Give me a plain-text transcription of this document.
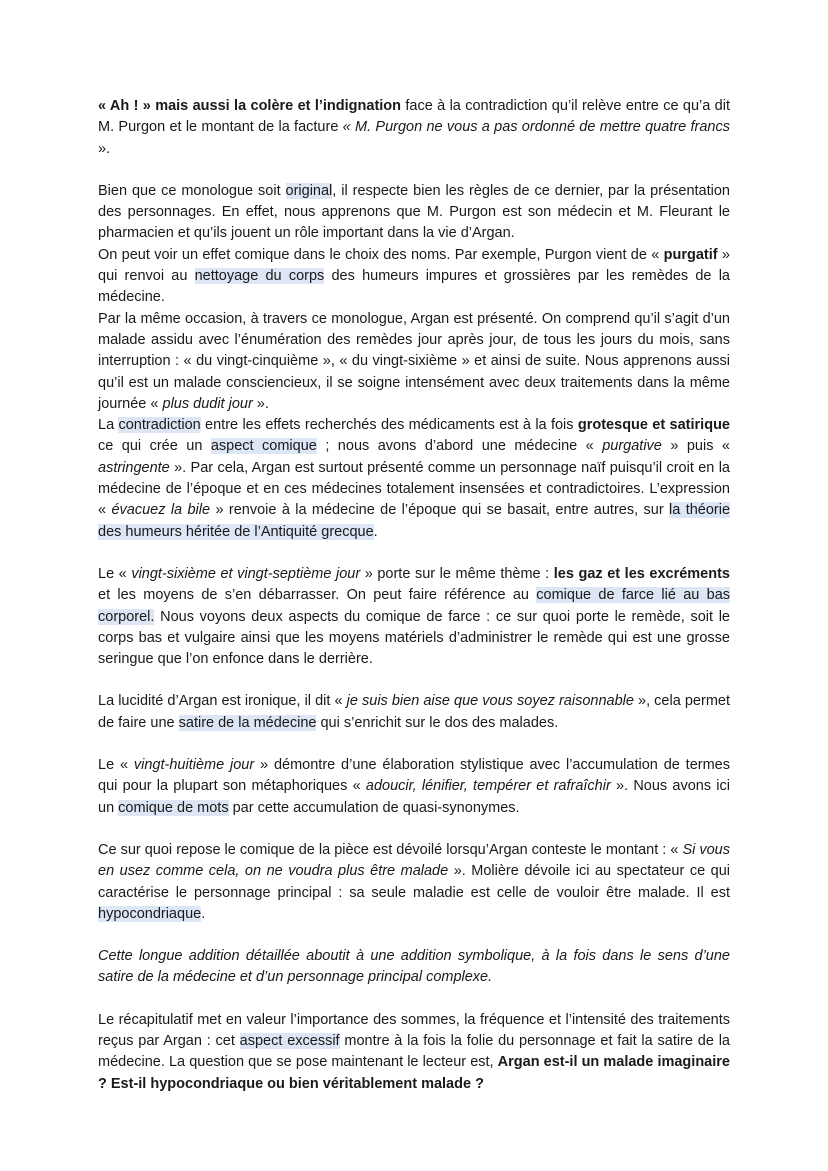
« Ah ! » mais aussi la colère et l’indignation face à la contradiction qu’il relève entre ce qu’a dit M. Purgon et le montant de la facture « M. Purgon ne vous a pas ordonné de mettre quatre francs ».

Bien que ce monologue soit original, il respecte bien les règles de ce dernier, par la présentation des personnages. En effet, nous apprenons que M. Purgon est son médecin et M. Fleurant le pharmacien et qu’ils jouent un rôle important dans la vie d’Argan.

On peut voir un effet comique dans le choix des noms. Par exemple, Purgon vient de « purgatif » qui renvoi au nettoyage du corps des humeurs impures et grossières par les remèdes de la médecine.

Par la même occasion, à travers ce monologue, Argan est présenté. On comprend qu’il s’agit d’un malade assidu avec l’énumération des remèdes jour après jour, de tous les jours du mois, sans interruption : « du vingt-cinquième », « du vingt-sixième » et ainsi de suite. Nous apprenons aussi qu’il est un malade consciencieux, il se soigne intensément avec deux traitements dans la même journée « plus dudit jour ».

La contradiction entre les effets recherchés des médicaments est à la fois grotesque et satirique ce qui crée un aspect comique ; nous avons d’abord une médecine « purgative » puis « astringente ». Par cela, Argan est surtout présenté comme un personnage naïf puisqu’il croit en la médecine de l’époque et en ces médecines totalement insensées et contradictoires. L’expression « évacuez la bile » renvoie à la médecine de l’époque qui se basait, entre autres, sur la théorie des humeurs héritée de l’Antiquité grecque.

Le « vingt-sixième et vingt-septième jour » porte sur le même thème : les gaz et les excréments et les moyens de s’en débarrasser. On peut faire référence au comique de farce lié au bas corporel. Nous voyons deux aspects du comique de farce : ce sur quoi porte le remède, soit le corps bas et vulgaire ainsi que les moyens matériels d’administrer le remède qui est une grosse seringue que l’on enfonce dans le derrière.

La lucidité d’Argan est ironique, il dit « je suis bien aise que vous soyez raisonnable », cela permet de faire une satire de la médecine qui s’enrichit sur le dos des malades.

Le « vingt-huitième jour » démontre d’une élaboration stylistique avec l’accumulation de termes qui pour la plupart son métaphoriques « adoucir, lénifier, tempérer et rafraîchir ». Nous avons ici un comique de mots par cette accumulation de quasi-synonymes.

Ce sur quoi repose le comique de la pièce est dévoilé lorsqu’Argan conteste le montant : « Si vous en usez comme cela, on ne voudra plus être malade ». Molière dévoile ici au spectateur ce qui caractérise le personnage principal : sa seule maladie est celle de vouloir être malade. Il est hypocondriaque.

Cette longue addition détaillée aboutit à une addition symbolique, à la fois dans le sens d’une satire de la médecine et d’un personnage principal complexe.

Le récapitulatif met en valeur l’importance des sommes, la fréquence et l’intensité des traitements reçus par Argan : cet aspect excessif montre à la fois la folie du personnage et fait la satire de la médecine. La question que se pose maintenant le lecteur est, Argan est-il un malade imaginaire ? Est-il hypocondriaque ou bien véritablement malade ?
